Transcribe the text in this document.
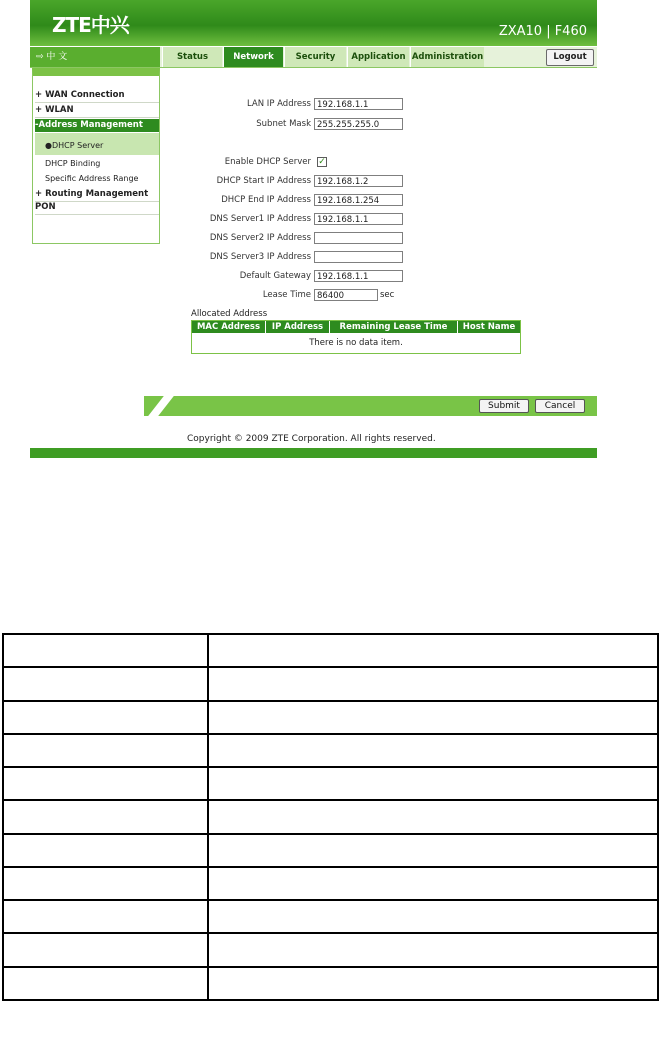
ZTE中兴	ZXA10 | F460
⇨ 中 文	Status	Network	Security	Application Administration	Logout
+ WAN Connection
+ WLAN
-Address Management
●DHCP Server
DHCP Binding
Specific Address Range
+ Routing Management
PON
LAN IP Address 192.168.1.1
Subnet Mask 255.255.255.0
Enable DHCP Server ✓
DHCP Start IP Address 192.168.1.2
DHCP End IP Address 192.168.1.254
DNS Server1 IP Address 192.168.1.1
DNS Server2 IP Address
DNS Server3 IP Address
Default Gateway 192.168.1.1
Lease Time 86400	sec
Allocated Address
MAC Address	IP Address	Remaining Lease Time	Host Name
There is no data item.
Submit	Cancel
Copyright © 2009 ZTE Corporation. All rights reserved.
